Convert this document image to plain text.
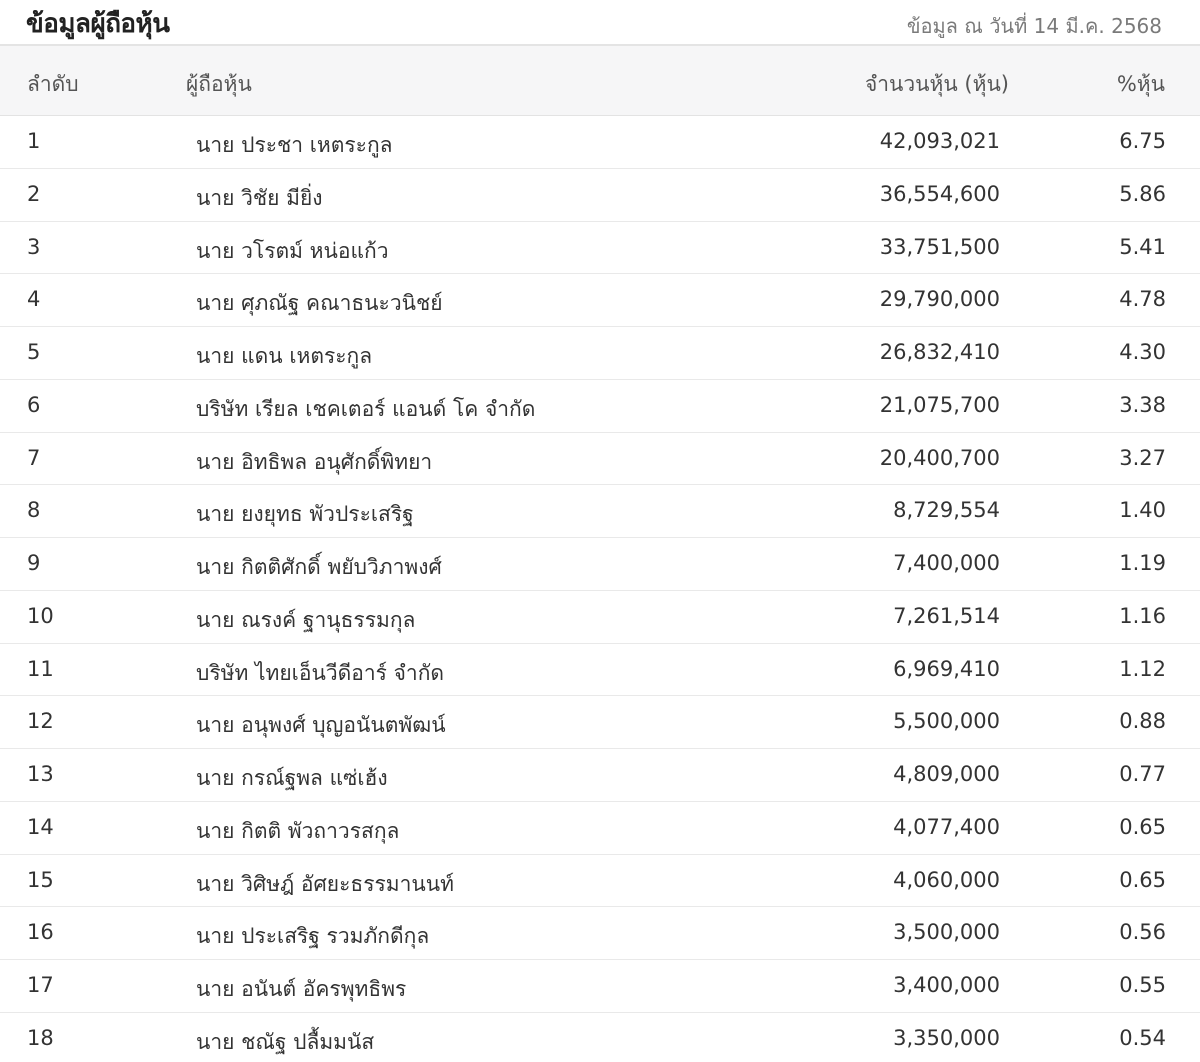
ข้อมูลผู้ถือหุ้น	ข้อมูล ณ วันที่ 14 มี.ค. 2568
ลำดับ	ผู้ถือหุ้น	จำนวนหุ้น (หุ้น)	%หุ้น
1	นาย ประชา เหตระกูล	42,093,021	6.75
2	นาย วิชัย มียิ่ง	36,554,600	5.86
3	นาย วโรตม์ หน่อแก้ว	33,751,500	5.41
4	นาย ศุภณัฐ คณาธนะวนิชย์	29,790,000	4.78
5	นาย แดน เหตระกูล	26,832,410	4.30
6	บริษัท เรียล เชคเตอร์ แอนด์ โค จำกัด	21,075,700	3.38
7	นาย อิทธิพล อนุศักดิ์พิทยา	20,400,700	3.27
8	นาย ยงยุทธ พัวประเสริฐ	8,729,554	1.40
9	นาย กิตติศักดิ์ พยับวิภาพงศ์	7,400,000	1.19
10	นาย ณรงค์ ฐานุธรรมกุล	7,261,514	1.16
11	บริษัท ไทยเอ็นวีดีอาร์ จำกัด	6,969,410	1.12
12	นาย อนุพงศ์ บุญอนันตพัฒน์	5,500,000	0.88
13	นาย กรณ์ฐพล แซ่เฮ้ง	4,809,000	0.77
14	นาย กิตติ พัวถาวรสกุล	4,077,400	0.65
15	นาย วิศิษฎ์ อัศยะธรรมานนท์	4,060,000	0.65
16	นาย ประเสริฐ รวมภักดีกุล	3,500,000	0.56
17	นาย อนันต์ อัครพุทธิพร	3,400,000	0.55
18	นาย ชณัฐ ปลื้มมนัส	3,350,000	0.54
